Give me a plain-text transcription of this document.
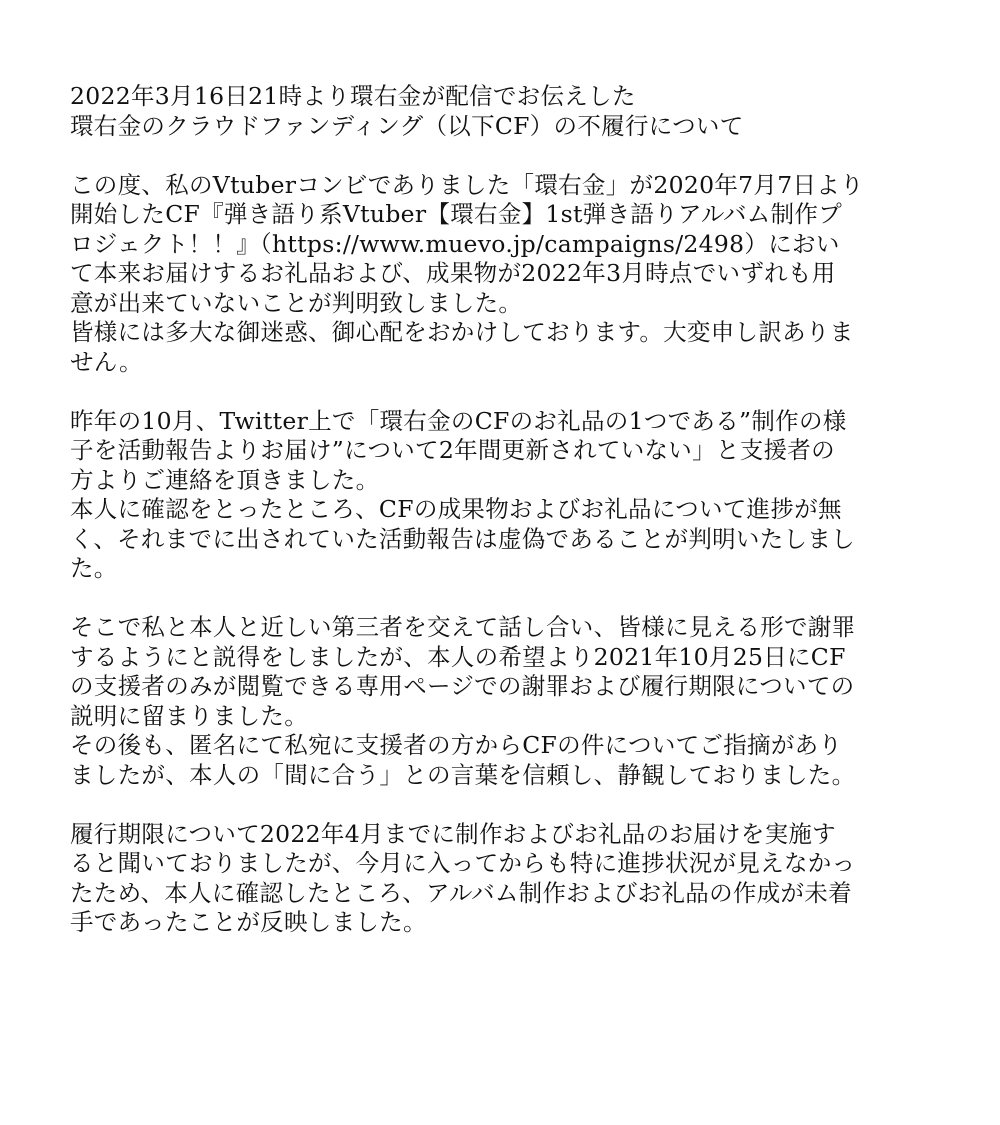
2022年3月16日21時より環右金が配信でお伝えした
環右金のクラウドファンディング（以下CF）の不履行について
この度、私のVtuberコンビでありました「環右金」が2020年7月7日より
開始したCF『弾き語り系Vtuber【環右金】1st弾き語りアルバム制作プ
ロジェクト！！』（https://www.muevo.jp/campaigns/2498）におい
て本来お届けするお礼品および、成果物が2022年3月時点でいずれも用
意が出来ていないことが判明致しました。
皆様には多大な御迷惑、御心配をおかけしております。大変申し訳ありま
せん。
昨年の10月、Twitter上で「環右金のCFのお礼品の1つである”制作の様
子を活動報告よりお届け”について2年間更新されていない」と支援者の
方よりご連絡を頂きました。
本人に確認をとったところ、CFの成果物およびお礼品について進捗が無
く、それまでに出されていた活動報告は虚偽であることが判明いたしまし
た。
そこで私と本人と近しい第三者を交えて話し合い、皆様に見える形で謝罪
するようにと説得をしましたが、本人の希望より2021年10月25日にCF
の支援者のみが閲覧できる専用ページでの謝罪および履行期限についての
説明に留まりました。
その後も、匿名にて私宛に支援者の方からCFの件についてご指摘があり
ましたが、本人の「間に合う」との言葉を信頼し、静観しておりました。
履行期限について2022年4月までに制作およびお礼品のお届けを実施す
ると聞いておりましたが、今月に入ってからも特に進捗状況が見えなかっ
たため、本人に確認したところ、アルバム制作およびお礼品の作成が未着
手であったことが反映しました。
